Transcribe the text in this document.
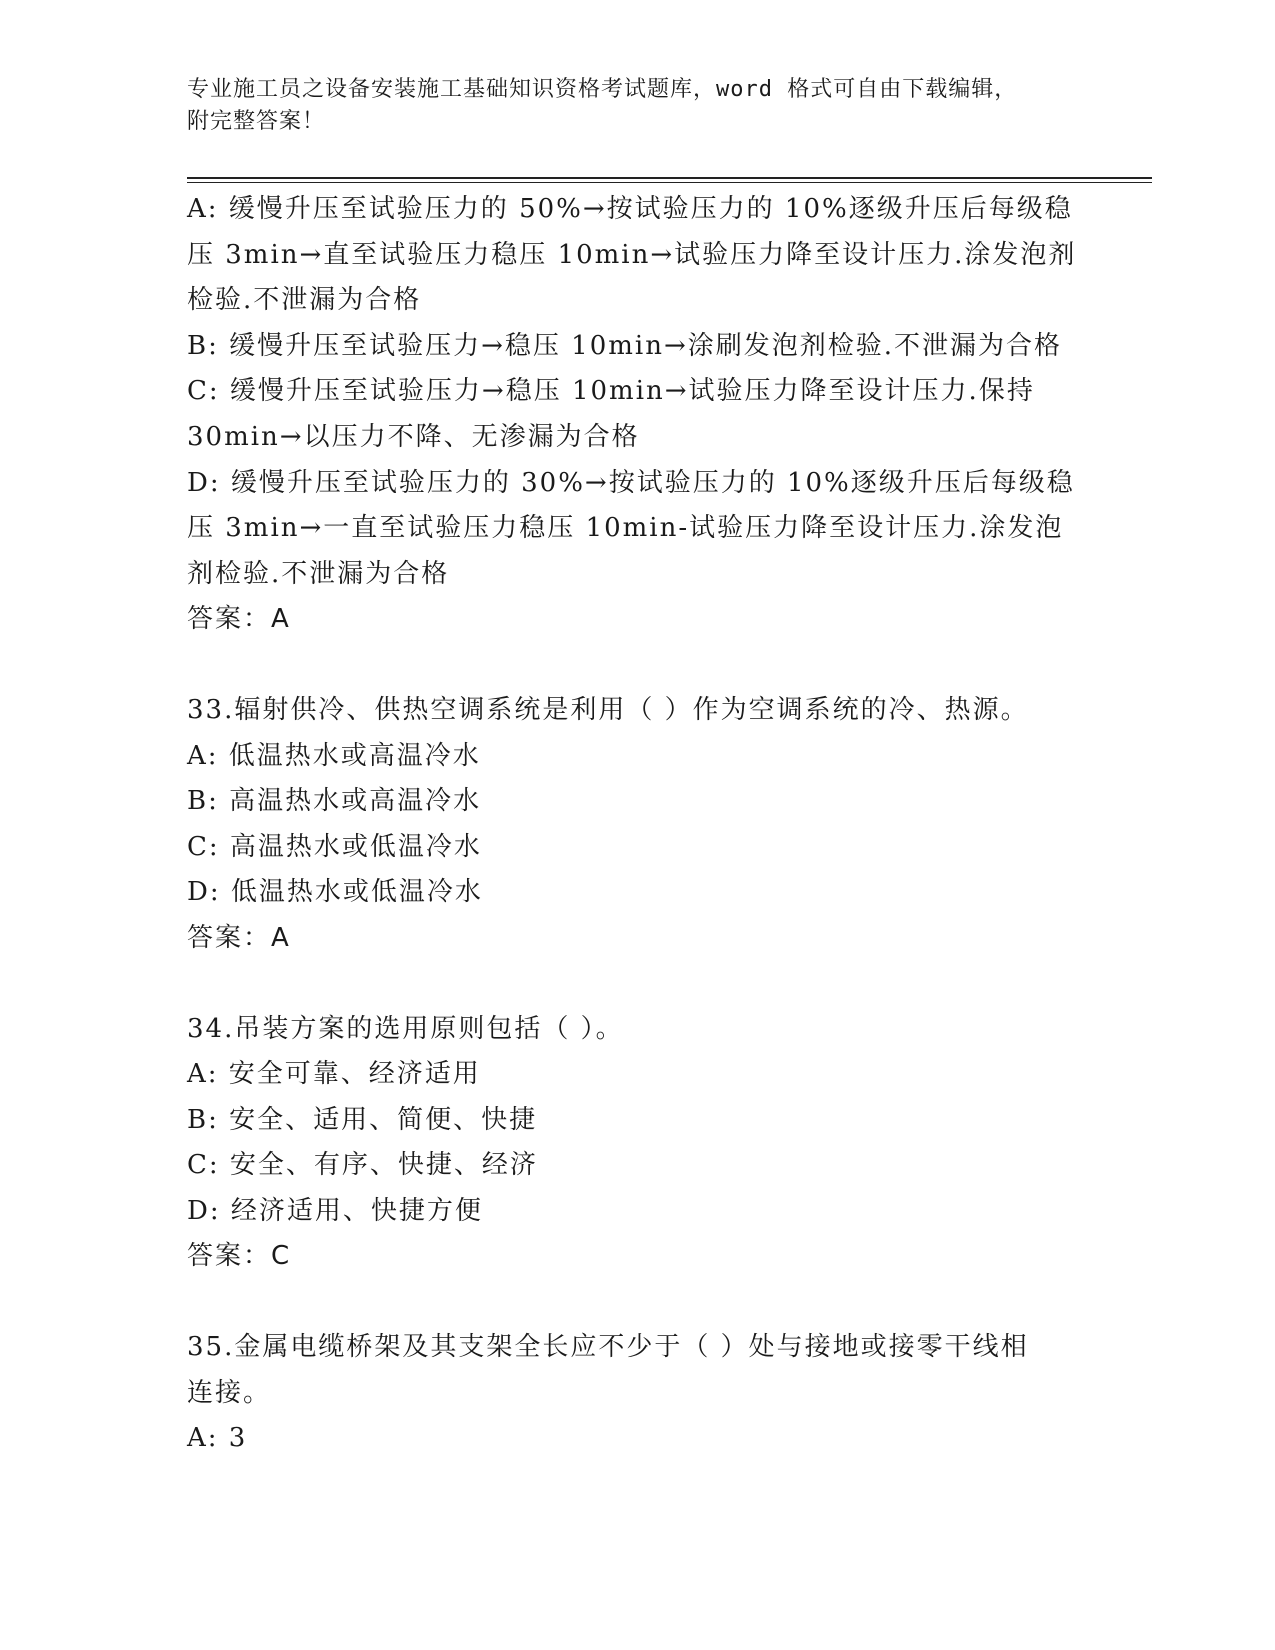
专业施工员之设备安装施工基础知识资格考试题库，word 格式可自由下载编辑，
附完整答案！

A: 缓慢升压至试验压力的 50%→按试验压力的 10%逐级升压后每级稳

压 3min→直至试验压力稳压 10min→试验压力降至设计压力.涂发泡剂

检验.不泄漏为合格

B: 缓慢升压至试验压力→稳压 10min→涂刷发泡剂检验.不泄漏为合格

C: 缓慢升压至试验压力→稳压 10min→试验压力降至设计压力.保持

30min→以压力不降、无渗漏为合格

D: 缓慢升压至试验压力的 30%→按试验压力的 10%逐级升压后每级稳

压 3min→一直至试验压力稳压 10min-试验压力降至设计压力.涂发泡

剂检验.不泄漏为合格

答案：A

33.辐射供冷、供热空调系统是利用（ ）作为空调系统的冷、热源。

A: 低温热水或高温冷水

B: 高温热水或高温冷水

C: 高温热水或低温冷水

D: 低温热水或低温冷水

答案：A

34.吊装方案的选用原则包括（ ）。

A: 安全可靠、经济适用

B: 安全、适用、简便、快捷

C: 安全、有序、快捷、经济

D: 经济适用、快捷方便

答案：C

35.金属电缆桥架及其支架全长应不少于（ ）处与接地或接零干线相

连接。

A: 3
